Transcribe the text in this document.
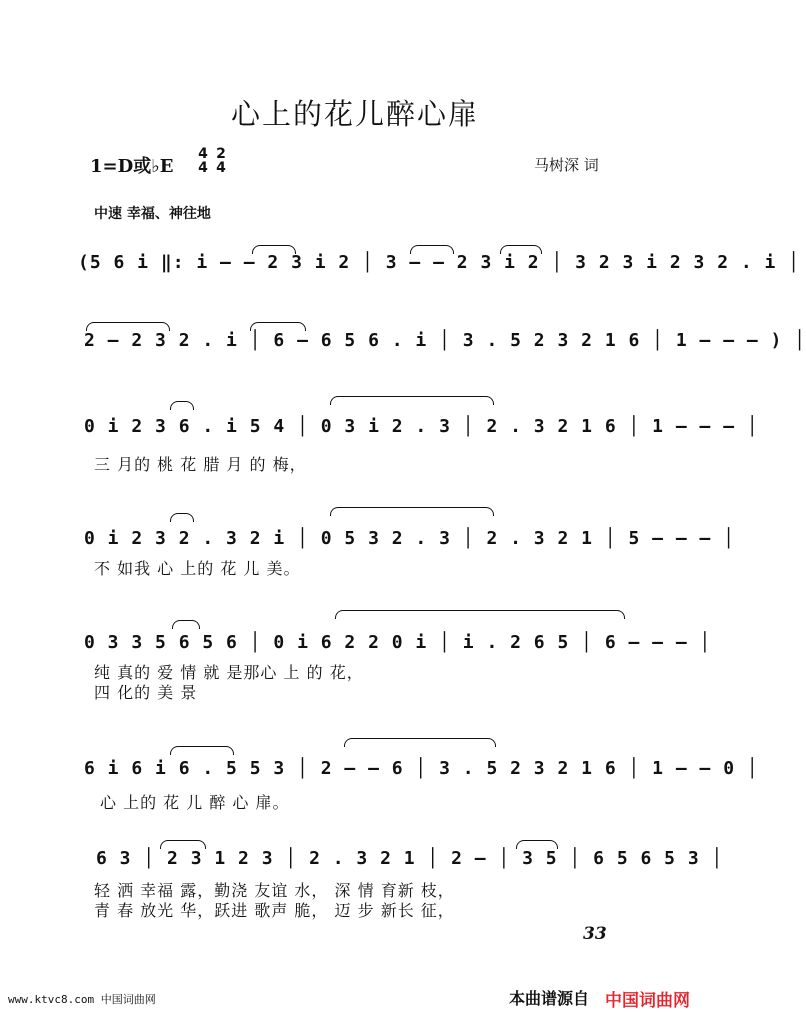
心上的花儿醉心扉
1=D或♭E
4
42
4	马树深 词
中速 幸福、神往地
(5 6 i ‖: i – – 2 3 i 2 │ 3 – – 2 3 i 2 │ 3 2 3 i 2 3 2 . i │
2 — 2 3 2 . i │ 6 — 6 5 6 . i │ 3 . 5 2 3 2 1 6 │ 1 – – – ) │
0 i 2 3 6 . i 5 4 │ 0 3 i 2 . 3 │ 2 . 3 2 1 6 │ 1 — — — │
三 月的 桃 花 腊 月 的 梅，
0 i 2 3 2 . 3 2 i │ 0 5 3 2 . 3 │ 2 . 3 2 1 │ 5 — — — │
不 如我 心 上的 花 儿 美。
0 3 3 5 6 5 6 │ 0 i 6 2 2 0 i │ i . 2 6 5 │ 6 — — — │
纯 真的 爱 情 就 是那心 上 的 花，
四 化的 美 景
6 i 6 i 6 . 5 5 3 │ 2 — — 6 │ 3 . 5 2 3 2 1 6 │ 1 — — 0 │
心 上的 花 儿 醉 心 扉。
6 3 │ 2 3 1 2 3 │ 2 . 3 2 1 │ 2 — │ 3 5 │ 6 5 6 5 3 │
轻 洒 幸福 露，勤浇 友谊 水， 深 情 育新 枝，
青 春 放光 华，跃进 歌声 脆， 迈 步 新长 征，
33
www.ktvc8.com 中国词曲网	本曲谱源自 中国词曲网
